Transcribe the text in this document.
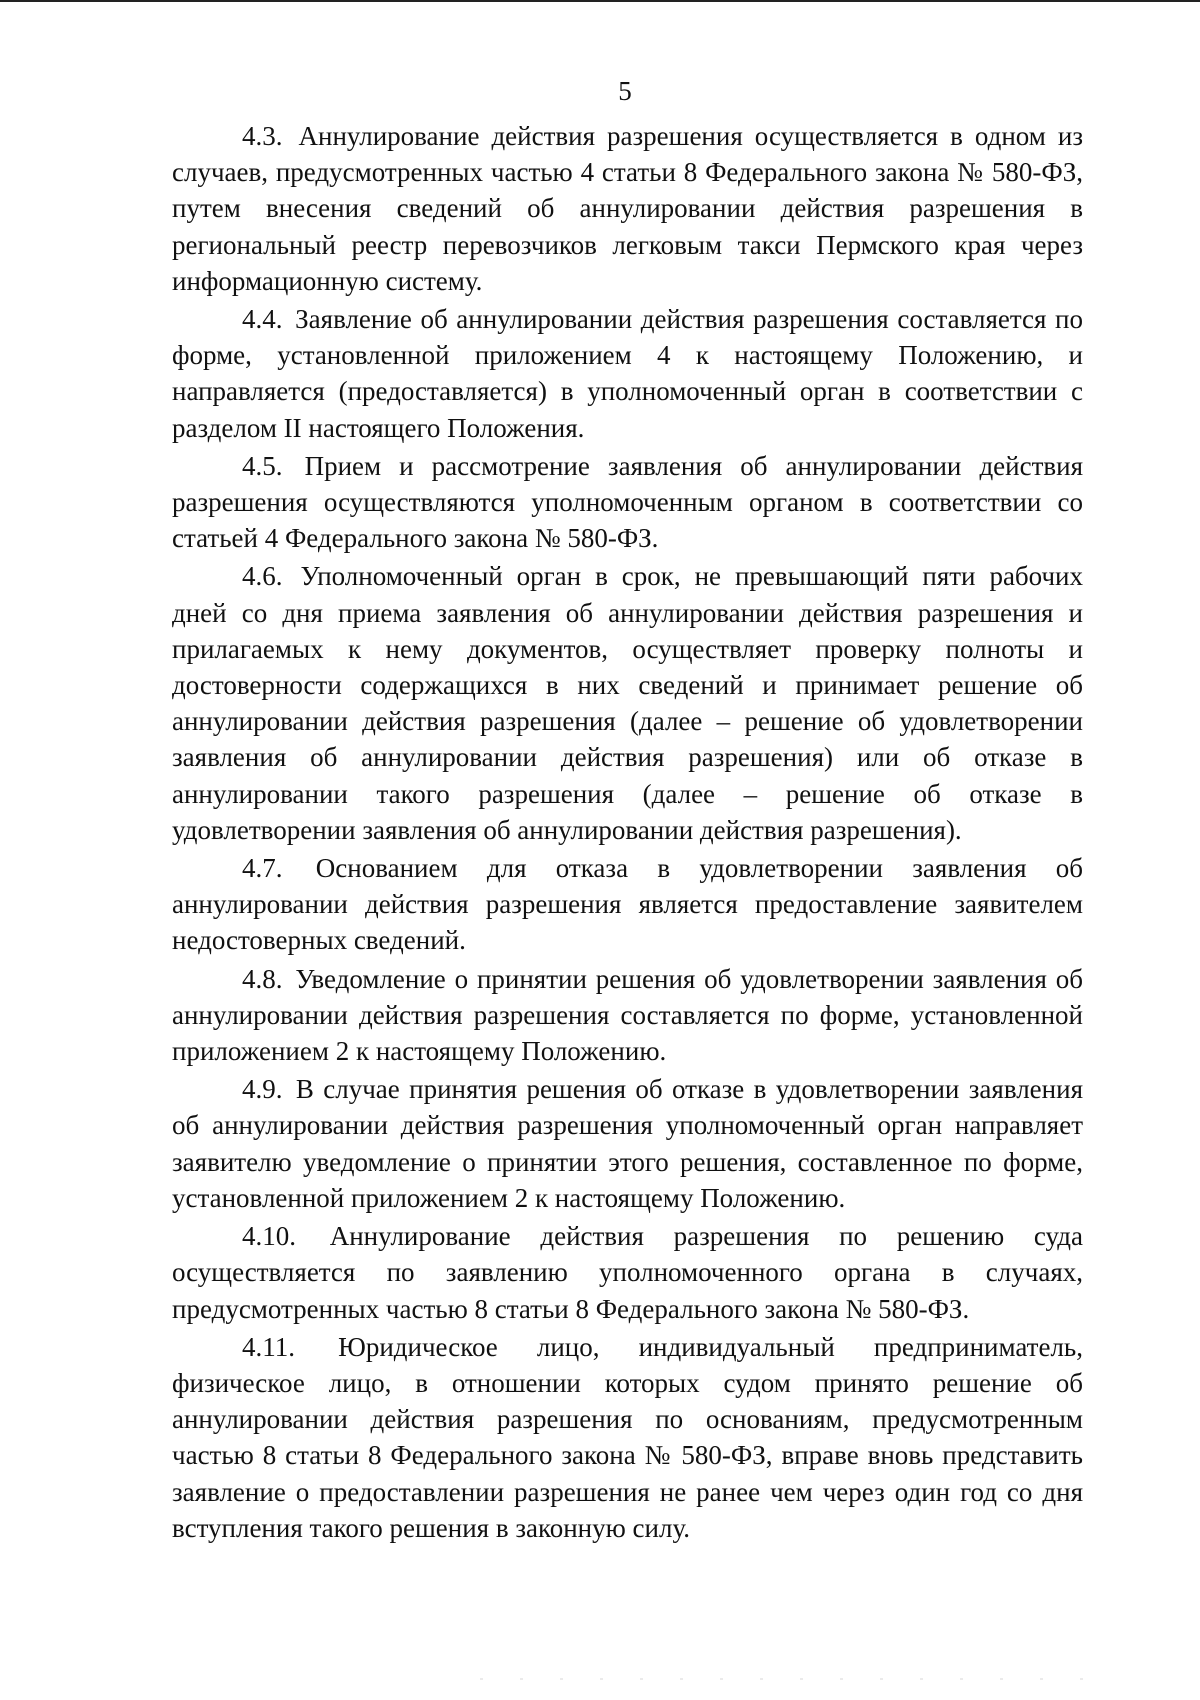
5

4.3. Аннулирование действия разрешения осуществляется в одном из случаев, предусмотренных частью 4 статьи 8 Федерального закона № 580-ФЗ, путем внесения сведений об аннулировании действия разрешения в региональный реестр перевозчиков легковым такси Пермского края через информационную систему.

4.4. Заявление об аннулировании действия разрешения составляется по форме, установленной приложением 4 к настоящему Положению, и направляется (предоставляется) в уполномоченный орган в соответствии с разделом II настоящего Положения.

4.5. Прием и рассмотрение заявления об аннулировании действия разрешения осуществляются уполномоченным органом в соответствии со статьей 4 Федерального закона № 580-ФЗ.

4.6. Уполномоченный орган в срок, не превышающий пяти рабочих дней со дня приема заявления об аннулировании действия разрешения и прилагаемых к нему документов, осуществляет проверку полноты и достоверности содержащихся в них сведений и принимает решение об аннулировании действия разрешения (далее – решение об удовлетворении заявления об аннулировании действия разрешения) или об отказе в аннулировании такого разрешения (далее – решение об отказе в удовлетворении заявления об аннулировании действия разрешения).

4.7. Основанием для отказа в удовлетворении заявления об аннулировании действия разрешения является предоставление заявителем недостоверных сведений.

4.8. Уведомление о принятии решения об удовлетворении заявления об аннулировании действия разрешения составляется по форме, установленной приложением 2 к настоящему Положению.

4.9. В случае принятия решения об отказе в удовлетворении заявления об аннулировании действия разрешения уполномоченный орган направляет заявителю уведомление о принятии этого решения, составленное по форме, установленной приложением 2 к настоящему Положению.

4.10. Аннулирование действия разрешения по решению суда осуществляется по заявлению уполномоченного органа в случаях, предусмотренных частью 8 статьи 8 Федерального закона № 580-ФЗ.

4.11. Юридическое лицо, индивидуальный предприниматель, физическое лицо, в отношении которых судом принято решение об аннулировании действия разрешения по основаниям, предусмотренным частью 8 статьи 8 Федерального закона № 580-ФЗ, вправе вновь представить заявление о предоставлении разрешения не ранее чем через один год со дня вступления такого решения в законную силу.
